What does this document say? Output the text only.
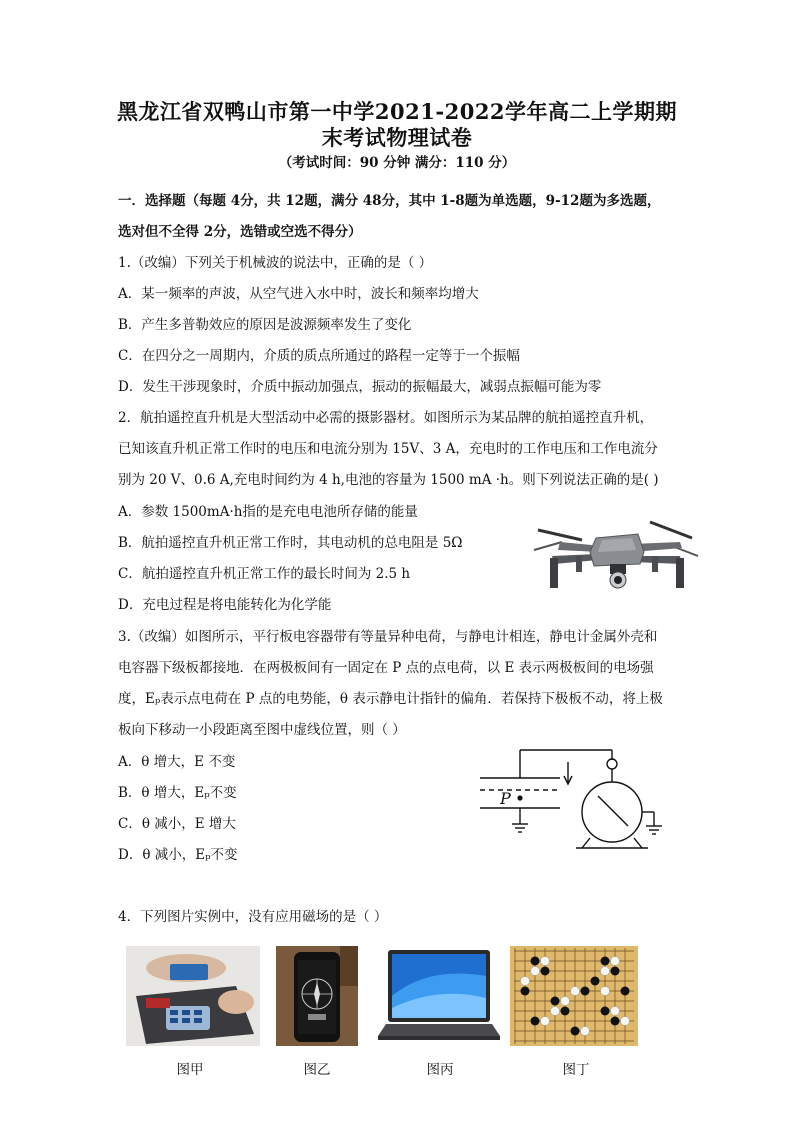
黑龙江省双鸭山市第一中学2021-2022学年高二上学期期
末考试物理试卷
（考试时间：90 分钟 满分：110 分）
一．选择题（每题 4分，共 12题，满分 48分，其中 1-8题为单选题，9-12题为多选题，
选对但不全得 2分，选错或空选不得分）
1.（改编）下列关于机械波的说法中，正确的是（ ）
A．某一频率的声波，从空气进入水中时，波长和频率均增大
B．产生多普勒效应的原因是波源频率发生了变化
C．在四分之一周期内，介质的质点所通过的路程一定等于一个振幅
D．发生干涉现象时，介质中振动加强点，振动的振幅最大，减弱点振幅可能为零
2．航拍遥控直升机是大型活动中必需的摄影器材。如图所示为某品牌的航拍遥控直升机，
已知该直升机正常工作时的电压和电流分别为 15V、3 A，充电时的工作电压和工作电流分
别为 20 V、0.6 A,充电时间约为 4 h,电池的容量为 1500 mA ·h。则下列说法正确的是( )
A．参数 1500mA·h指的是充电电池所存储的能量
B．航拍遥控直升机正常工作时，其电动机的总电阻是 5Ω
C．航拍遥控直升机正常工作的最长时间为 2.5 h
D．充电过程是将电能转化为化学能
3.（改编）如图所示，平行板电容器带有等量异种电荷，与静电计相连，静电计金属外壳和
电容器下级板都接地．在两极板间有一固定在 P 点的点电荷，以 E 表示两极板间的电场强
度，Eₚ表示点电荷在 P 点的电势能，θ 表示静电计指针的偏角．若保持下极板不动，将上极
板向下移动一小段距离至图中虚线位置，则（ ）
A．θ 增大，E 不变
B．θ 增大，Eₚ不变
C．θ 减小，E 增大
D．θ 减小，Eₚ不变
P
4．下列图片实例中，没有应用磁场的是（ ）
图甲	图乙	图丙	图丁
